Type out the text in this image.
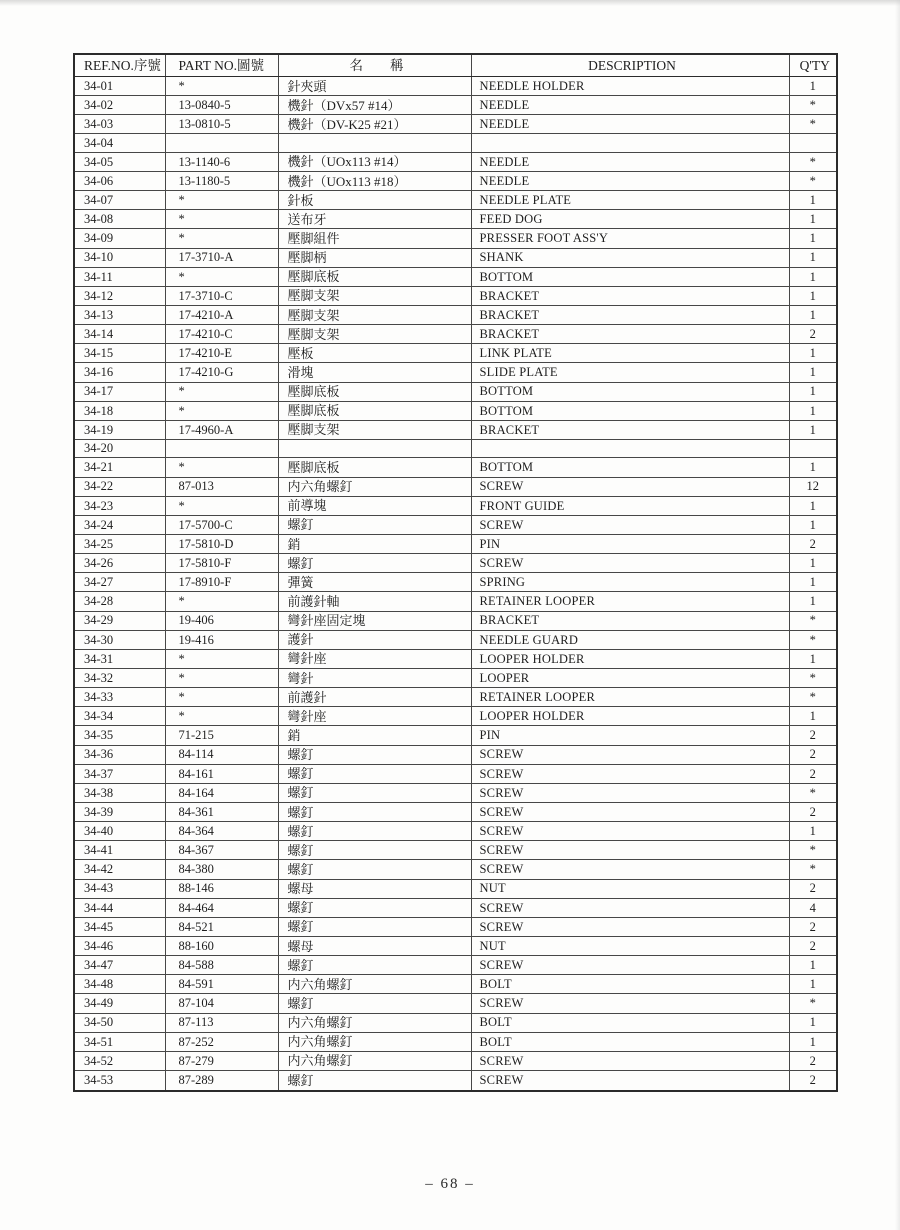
REF.NO.序號	PART NO.圖號	名　　稱	DESCRIPTION	Q'TY
34-01	*	針夾頭	NEEDLE HOLDER	1
34-02	13-0840-5	機針（DVx57 #14）	NEEDLE	*
34-03	13-0810-5	機針（DV-K25 #21）	NEEDLE	*
34-04				
34-05	13-1140-6	機針（UOx113 #14）	NEEDLE	*
34-06	13-1180-5	機針（UOx113 #18）	NEEDLE	*
34-07	*	針板	NEEDLE PLATE	1
34-08	*	送布牙	FEED DOG	1
34-09	*	壓脚組件	PRESSER FOOT ASS'Y	1
34-10	17-3710-A	壓脚柄	SHANK	1
34-11	*	壓脚底板	BOTTOM	1
34-12	17-3710-C	壓脚支架	BRACKET	1
34-13	17-4210-A	壓脚支架	BRACKET	1
34-14	17-4210-C	壓脚支架	BRACKET	2
34-15	17-4210-E	壓板	LINK PLATE	1
34-16	17-4210-G	滑塊	SLIDE PLATE	1
34-17	*	壓脚底板	BOTTOM	1
34-18	*	壓脚底板	BOTTOM	1
34-19	17-4960-A	壓脚支架	BRACKET	1
34-20				
34-21	*	壓脚底板	BOTTOM	1
34-22	87-013	内六角螺釘	SCREW	12
34-23	*	前導塊	FRONT GUIDE	1
34-24	17-5700-C	螺釘	SCREW	1
34-25	17-5810-D	銷	PIN	2
34-26	17-5810-F	螺釘	SCREW	1
34-27	17-8910-F	彈簧	SPRING	1
34-28	*	前護針軸	RETAINER LOOPER	1
34-29	19-406	彎針座固定塊	BRACKET	*
34-30	19-416	護針	NEEDLE GUARD	*
34-31	*	彎針座	LOOPER HOLDER	1
34-32	*	彎針	LOOPER	*
34-33	*	前護針	RETAINER LOOPER	*
34-34	*	彎針座	LOOPER HOLDER	1
34-35	71-215	銷	PIN	2
34-36	84-114	螺釘	SCREW	2
34-37	84-161	螺釘	SCREW	2
34-38	84-164	螺釘	SCREW	*
34-39	84-361	螺釘	SCREW	2
34-40	84-364	螺釘	SCREW	1
34-41	84-367	螺釘	SCREW	*
34-42	84-380	螺釘	SCREW	*
34-43	88-146	螺母	NUT	2
34-44	84-464	螺釘	SCREW	4
34-45	84-521	螺釘	SCREW	2
34-46	88-160	螺母	NUT	2
34-47	84-588	螺釘	SCREW	1
34-48	84-591	内六角螺釘	BOLT	1
34-49	87-104	螺釘	SCREW	*
34-50	87-113	内六角螺釘	BOLT	1
34-51	87-252	内六角螺釘	BOLT	1
34-52	87-279	内六角螺釘	SCREW	2
34-53	87-289	螺釘	SCREW	2
– 68 –
